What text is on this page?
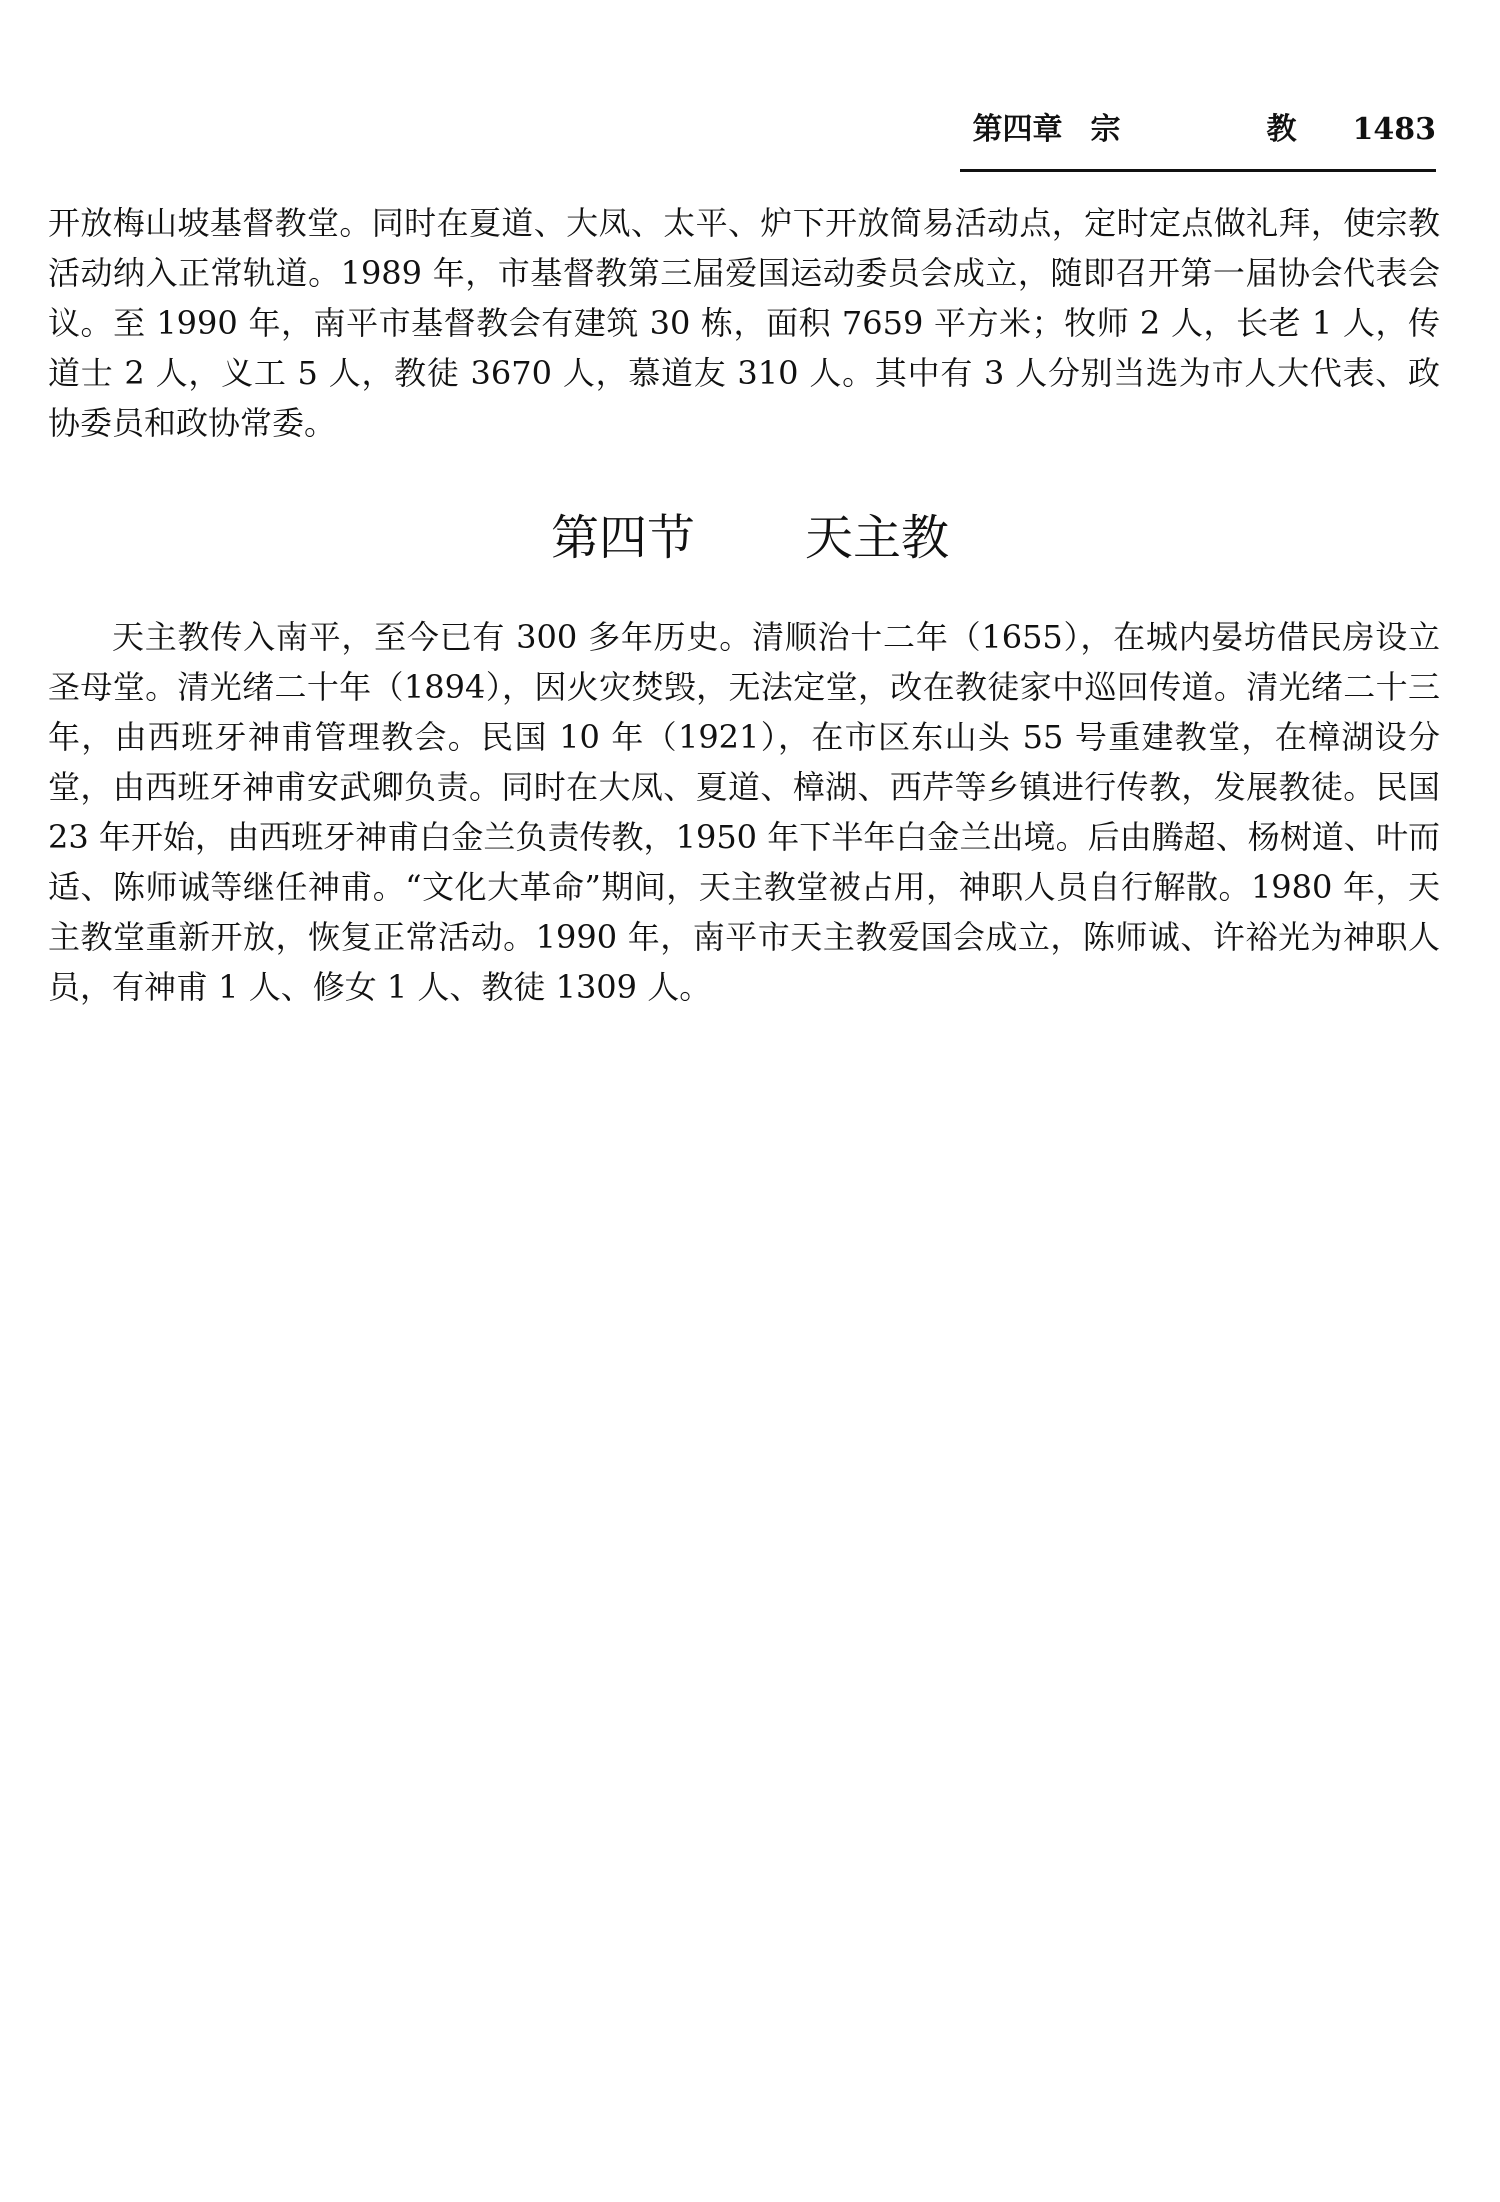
第四章 宗　教
1483

开放梅山坡基督教堂。同时在夏道、大凤、太平、炉下开放简易活动点，定时定点做礼拜，使宗教活动纳入正常轨道。1989 年，市基督教第三届爱国运动委员会成立，随即召开第一届协会代表会议。至 1990 年，南平市基督教会有建筑 30 栋，面积 7659 平方米；牧师 2 人，长老 1 人，传道士 2 人，义工 5 人，教徒 3670 人，慕道友 310 人。其中有 3 人分别当选为市人大代表、政协委员和政协常委。

第四节 天主教

天主教传入南平，至今已有 300 多年历史。清顺治十二年（1655），在城内晏坊借民房设立圣母堂。清光绪二十年（1894），因火灾焚毁，无法定堂，改在教徒家中巡回传道。清光绪二十三年，由西班牙神甫管理教会。民国 10 年（1921），在市区东山头 55 号重建教堂，在樟湖设分堂，由西班牙神甫安武卿负责。同时在大凤、夏道、樟湖、西芹等乡镇进行传教，发展教徒。民国 23 年开始，由西班牙神甫白金兰负责传教，1950 年下半年白金兰出境。后由腾超、杨树道、叶而适、陈师诚等继任神甫。“文化大革命”期间，天主教堂被占用，神职人员自行解散。1980 年，天主教堂重新开放，恢复正常活动。1990 年，南平市天主教爱国会成立，陈师诚、许裕光为神职人员，有神甫 1 人、修女 1 人、教徒 1309 人。
